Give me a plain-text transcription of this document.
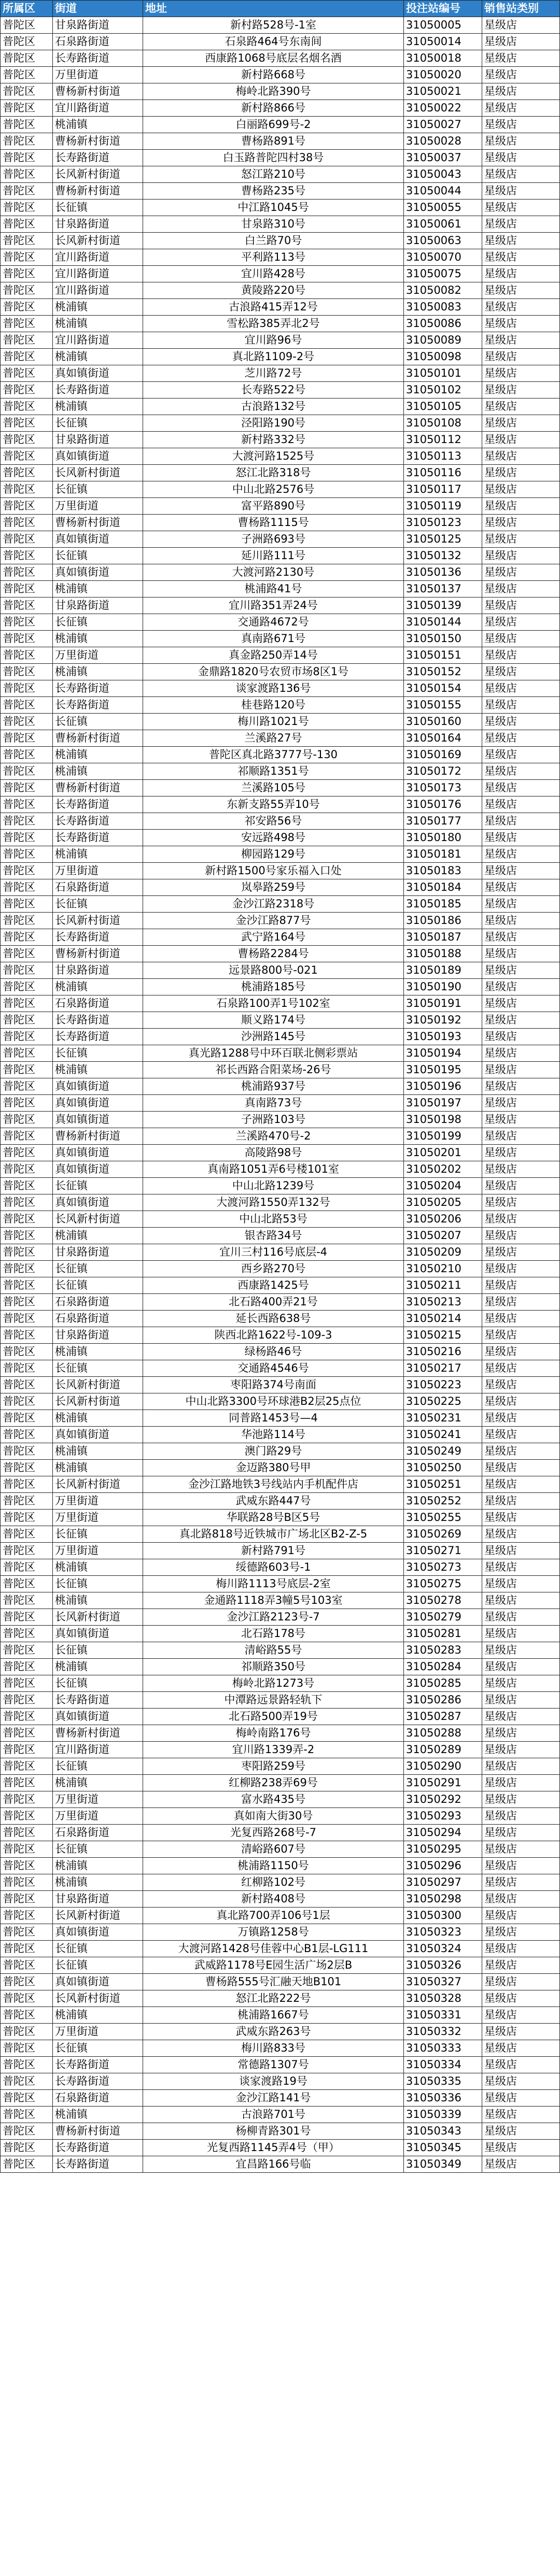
所属区	街道	地址	投注站编号	销售站类别
普陀区	甘泉路街道	新村路528号-1室	31050005	星级店
普陀区	石泉路街道	石泉路464号东南间	31050014	星级店
普陀区	长寿路街道	西康路1068号底层名烟名酒	31050018	星级店
普陀区	万里街道	新村路668号	31050020	星级店
普陀区	曹杨新村街道	梅岭北路390号	31050021	星级店
普陀区	宜川路街道	新村路866号	31050022	星级店
普陀区	桃浦镇	白丽路699号-2	31050027	星级店
普陀区	曹杨新村街道	曹杨路891号	31050028	星级店
普陀区	长寿路街道	白玉路普陀四村38号	31050037	星级店
普陀区	长风新村街道	怒江路210号	31050043	星级店
普陀区	曹杨新村街道	曹杨路235号	31050044	星级店
普陀区	长征镇	中江路1045号	31050055	星级店
普陀区	甘泉路街道	甘泉路310号	31050061	星级店
普陀区	长风新村街道	白兰路70号	31050063	星级店
普陀区	宜川路街道	平利路113号	31050070	星级店
普陀区	宜川路街道	宜川路428号	31050075	星级店
普陀区	宜川路街道	黄陵路220号	31050082	星级店
普陀区	桃浦镇	古浪路415弄12号	31050083	星级店
普陀区	桃浦镇	雪松路385弄北2号	31050086	星级店
普陀区	宜川路街道	宜川路96号	31050089	星级店
普陀区	桃浦镇	真北路1109-2号	31050098	星级店
普陀区	真如镇街道	芝川路72号	31050101	星级店
普陀区	长寿路街道	长寿路522号	31050102	星级店
普陀区	桃浦镇	古浪路132号	31050105	星级店
普陀区	长征镇	泾阳路190号	31050108	星级店
普陀区	甘泉路街道	新村路332号	31050112	星级店
普陀区	真如镇街道	大渡河路1525号	31050113	星级店
普陀区	长风新村街道	怒江北路318号	31050116	星级店
普陀区	长征镇	中山北路2576号	31050117	星级店
普陀区	万里街道	富平路890号	31050119	星级店
普陀区	曹杨新村街道	曹杨路1115号	31050123	星级店
普陀区	真如镇街道	子洲路693号	31050125	星级店
普陀区	长征镇	延川路111号	31050132	星级店
普陀区	真如镇街道	大渡河路2130号	31050136	星级店
普陀区	桃浦镇	桃浦路41号	31050137	星级店
普陀区	甘泉路街道	宜川路351弄24号	31050139	星级店
普陀区	长征镇	交通路4672号	31050144	星级店
普陀区	桃浦镇	真南路671号	31050150	星级店
普陀区	万里街道	真金路250弄14号	31050151	星级店
普陀区	桃浦镇	金鼎路1820号农贸市场8区1号	31050152	星级店
普陀区	长寿路街道	谈家渡路136号	31050154	星级店
普陀区	长寿路街道	桂巷路120号	31050155	星级店
普陀区	长征镇	梅川路1021号	31050160	星级店
普陀区	曹杨新村街道	兰溪路27号	31050164	星级店
普陀区	桃浦镇	普陀区真北路3777号-130	31050169	星级店
普陀区	桃浦镇	祁顺路1351号	31050172	星级店
普陀区	曹杨新村街道	兰溪路105号	31050173	星级店
普陀区	长寿路街道	东新支路55弄10号	31050176	星级店
普陀区	长寿路街道	祁安路56号	31050177	星级店
普陀区	长寿路街道	安远路498号	31050180	星级店
普陀区	桃浦镇	柳园路129号	31050181	星级店
普陀区	万里街道	新村路1500号家乐福入口处	31050183	星级店
普陀区	石泉路街道	岚皋路259号	31050184	星级店
普陀区	长征镇	金沙江路2318号	31050185	星级店
普陀区	长风新村街道	金沙江路877号	31050186	星级店
普陀区	长寿路街道	武宁路164号	31050187	星级店
普陀区	曹杨新村街道	曹杨路2284号	31050188	星级店
普陀区	甘泉路街道	远景路800号-021	31050189	星级店
普陀区	桃浦镇	桃浦路185号	31050190	星级店
普陀区	石泉路街道	石泉路100弄1号102室	31050191	星级店
普陀区	长寿路街道	顺义路174号	31050192	星级店
普陀区	长寿路街道	沙洲路145号	31050193	星级店
普陀区	长征镇	真光路1288号中环百联北侧彩票站	31050194	星级店
普陀区	桃浦镇	祁长西路合阳菜场-26号	31050195	星级店
普陀区	真如镇街道	桃浦路937号	31050196	星级店
普陀区	真如镇街道	真南路73号	31050197	星级店
普陀区	真如镇街道	子洲路103号	31050198	星级店
普陀区	曹杨新村街道	兰溪路470号-2	31050199	星级店
普陀区	真如镇街道	高陵路98号	31050201	星级店
普陀区	真如镇街道	真南路1051弄6号楼101室	31050202	星级店
普陀区	长征镇	中山北路1239号	31050204	星级店
普陀区	真如镇街道	大渡河路1550弄132号	31050205	星级店
普陀区	长风新村街道	中山北路53号	31050206	星级店
普陀区	桃浦镇	银杏路34号	31050207	星级店
普陀区	甘泉路街道	宜川三村116号底层-4	31050209	星级店
普陀区	长征镇	西乡路270号	31050210	星级店
普陀区	长征镇	西康路1425号	31050211	星级店
普陀区	石泉路街道	北石路400弄21号	31050213	星级店
普陀区	石泉路街道	延长西路638号	31050214	星级店
普陀区	甘泉路街道	陕西北路1622号-109-3	31050215	星级店
普陀区	桃浦镇	绿杨路46号	31050216	星级店
普陀区	长征镇	交通路4546号	31050217	星级店
普陀区	长风新村街道	枣阳路374号南面	31050223	星级店
普陀区	长风新村街道	中山北路3300号环球港B2层25点位	31050225	星级店
普陀区	桃浦镇	同普路1453号—4	31050231	星级店
普陀区	真如镇街道	华池路114号	31050241	星级店
普陀区	桃浦镇	澳门路29号	31050249	星级店
普陀区	桃浦镇	金迈路380号甲	31050250	星级店
普陀区	长风新村街道	金沙江路地铁3号线站内手机配件店	31050251	星级店
普陀区	万里街道	武威东路447号	31050252	星级店
普陀区	万里街道	华联路28号B区5号	31050255	星级店
普陀区	长征镇	真北路818号近铁城市广场北区B2-Z-5	31050269	星级店
普陀区	万里街道	新村路791号	31050271	星级店
普陀区	桃浦镇	绥德路603号-1	31050273	星级店
普陀区	长征镇	梅川路1113号底层-2室	31050275	星级店
普陀区	桃浦镇	金通路1118弄3幢5号103室	31050278	星级店
普陀区	长风新村街道	金沙江路2123号-7	31050279	星级店
普陀区	真如镇街道	北石路178号	31050281	星级店
普陀区	长征镇	清峪路55号	31050283	星级店
普陀区	桃浦镇	祁顺路350号	31050284	星级店
普陀区	长征镇	梅岭北路1273号	31050285	星级店
普陀区	长寿路街道	中潭路远景路轻轨下	31050286	星级店
普陀区	真如镇街道	北石路500弄19号	31050287	星级店
普陀区	曹杨新村街道	梅岭南路176号	31050288	星级店
普陀区	宜川路街道	宜川路1339弄-2	31050289	星级店
普陀区	长征镇	枣阳路259号	31050290	星级店
普陀区	桃浦镇	红柳路238弄69号	31050291	星级店
普陀区	万里街道	富水路435号	31050292	星级店
普陀区	万里街道	真如南大街30号	31050293	星级店
普陀区	石泉路街道	光复西路268号-7	31050294	星级店
普陀区	长征镇	清峪路607号	31050295	星级店
普陀区	桃浦镇	桃浦路1150号	31050296	星级店
普陀区	桃浦镇	红柳路102号	31050297	星级店
普陀区	甘泉路街道	新村路408号	31050298	星级店
普陀区	长风新村街道	真北路700弄106号1层	31050300	星级店
普陀区	真如镇街道	万镇路1258号	31050323	星级店
普陀区	长征镇	大渡河路1428号佳蓉中心B1层-LG111	31050324	星级店
普陀区	长征镇	武威路1178号E园生活广场2层B	31050326	星级店
普陀区	真如镇街道	曹杨路555号汇融天地B101	31050327	星级店
普陀区	长风新村街道	怒江北路222号	31050328	星级店
普陀区	桃浦镇	桃浦路1667号	31050331	星级店
普陀区	万里街道	武威东路263号	31050332	星级店
普陀区	长征镇	梅川路833号	31050333	星级店
普陀区	长寿路街道	常德路1307号	31050334	星级店
普陀区	长寿路街道	谈家渡路19号	31050335	星级店
普陀区	石泉路街道	金沙江路141号	31050336	星级店
普陀区	桃浦镇	古浪路701号	31050339	星级店
普陀区	曹杨新村街道	杨柳青路301号	31050343	星级店
普陀区	长寿路街道	光复西路1145弄4号（甲）	31050345	星级店
普陀区	长寿路街道	宜昌路166号临	31050349	星级店
